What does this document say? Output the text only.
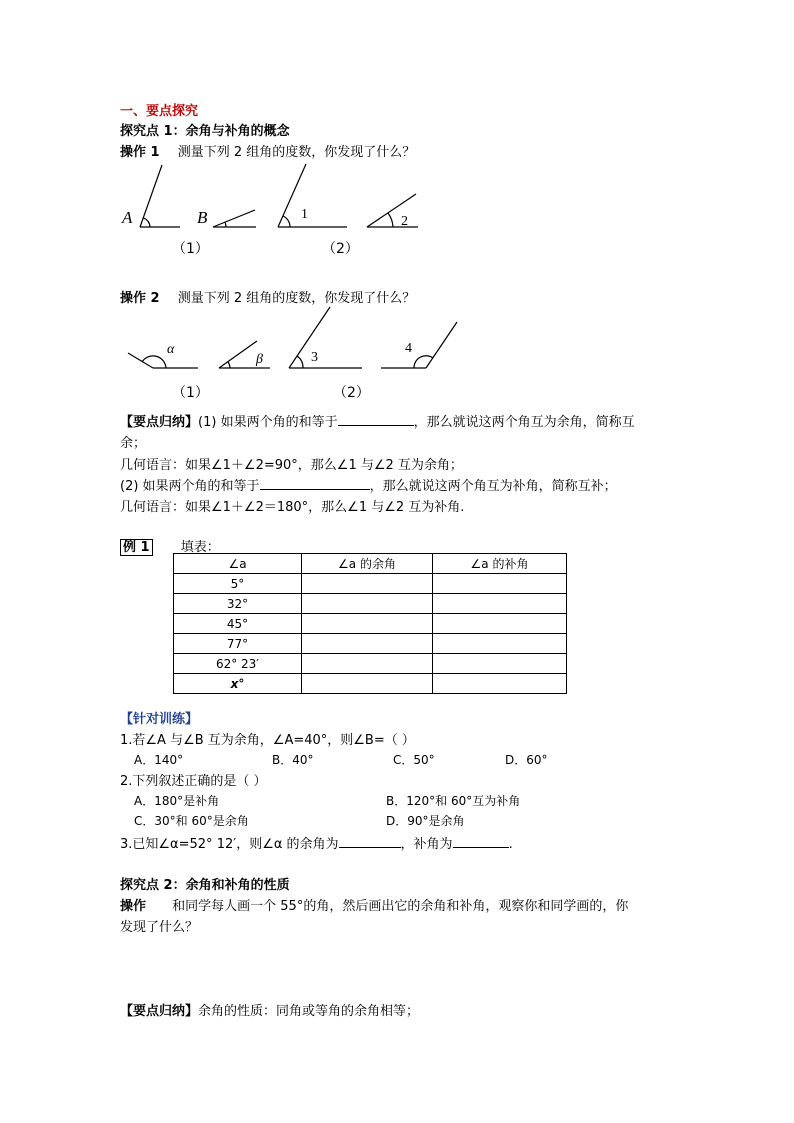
一、要点探究
探究点 1：余角与补角的概念
操作 1 测量下列 2 组角的度数，你发现了什么？
A	B	1	2
（1）	（2）
操作 2 测量下列 2 组角的度数，你发现了什么？
α
β	3
4
（1）	（2）
【要点归纳】(1) 如果两个角的和等于	，那么就说这两个角互为余角，简称互
余；
几何语言：如果∠1＋∠2=90°，那么∠1 与∠2 互为余角；
(2) 如果两个角的和等于	，那么就说这两个角互为补角，简称互补；
几何语言：如果∠1＋∠2＝180°，那么∠1 与∠2 互为补角.
例 1 填表：
∠a	∠a 的余角	∠a 的补角
5°		
32°		
45°		
77°		
62° 23′		
x°		
【针对训练】
1.若∠A 与∠B 互为余角，∠A=40°，则∠B=（ ）
A．140°	B．40°	C．50°	D．60°
2.下列叙述正确的是（ ）
A．180°是补角	B．120°和 60°互为补角
C．30°和 60°是余角	D．90°是余角
3.已知∠α=52° 12′，则∠α 的余角为	，补角为	.
探究点 2：余角和补角的性质
操作 和同学每人画一个 55°的角，然后画出它的余角和补角，观察你和同学画的，你
发现了什么？
【要点归纳】余角的性质：同角或等角的余角相等；
